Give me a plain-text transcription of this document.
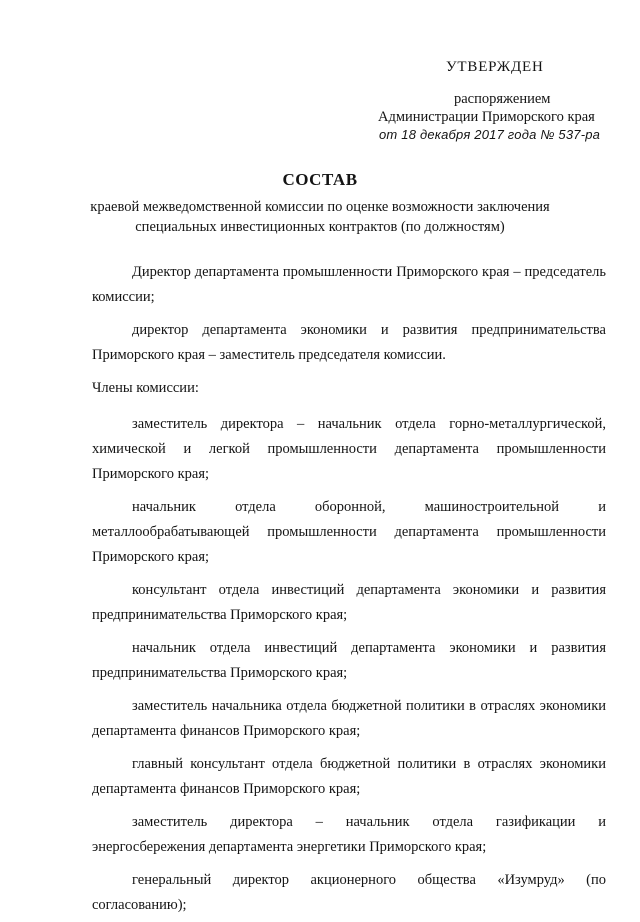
УТВЕРЖДЕН
распоряжением
Администрации Приморского края
от 18 декабря 2017 года № 537-ра
СОСТАВ
краевой межведомственной комиссии по оценке возможности заключения специальных инвестиционных контрактов (по должностям)

Директор департамента промышленности Приморского края – председатель комиссии;

директор департамента экономики и развития предпринимательства Приморского края – заместитель председателя комиссии.

Члены комиссии:

заместитель директора – начальник отдела горно-металлургической, химической и легкой промышленности департамента промышленности Приморского края;

начальник отдела оборонной, машиностроительной и металлообрабатывающей промышленности департамента промышленности Приморского края;

консультант отдела инвестиций департамента экономики и развития предпринимательства Приморского края;

начальник отдела инвестиций департамента экономики и развития предпринимательства Приморского края;

заместитель начальника отдела бюджетной политики в отраслях экономики департамента финансов Приморского края;

главный консультант отдела бюджетной политики в отраслях экономики департамента финансов Приморского края;

заместитель директора – начальник отдела газификации и энергосбережения департамента энергетики Приморского края;

генеральный директор акционерного общества «Изумруд» (по согласованию);
